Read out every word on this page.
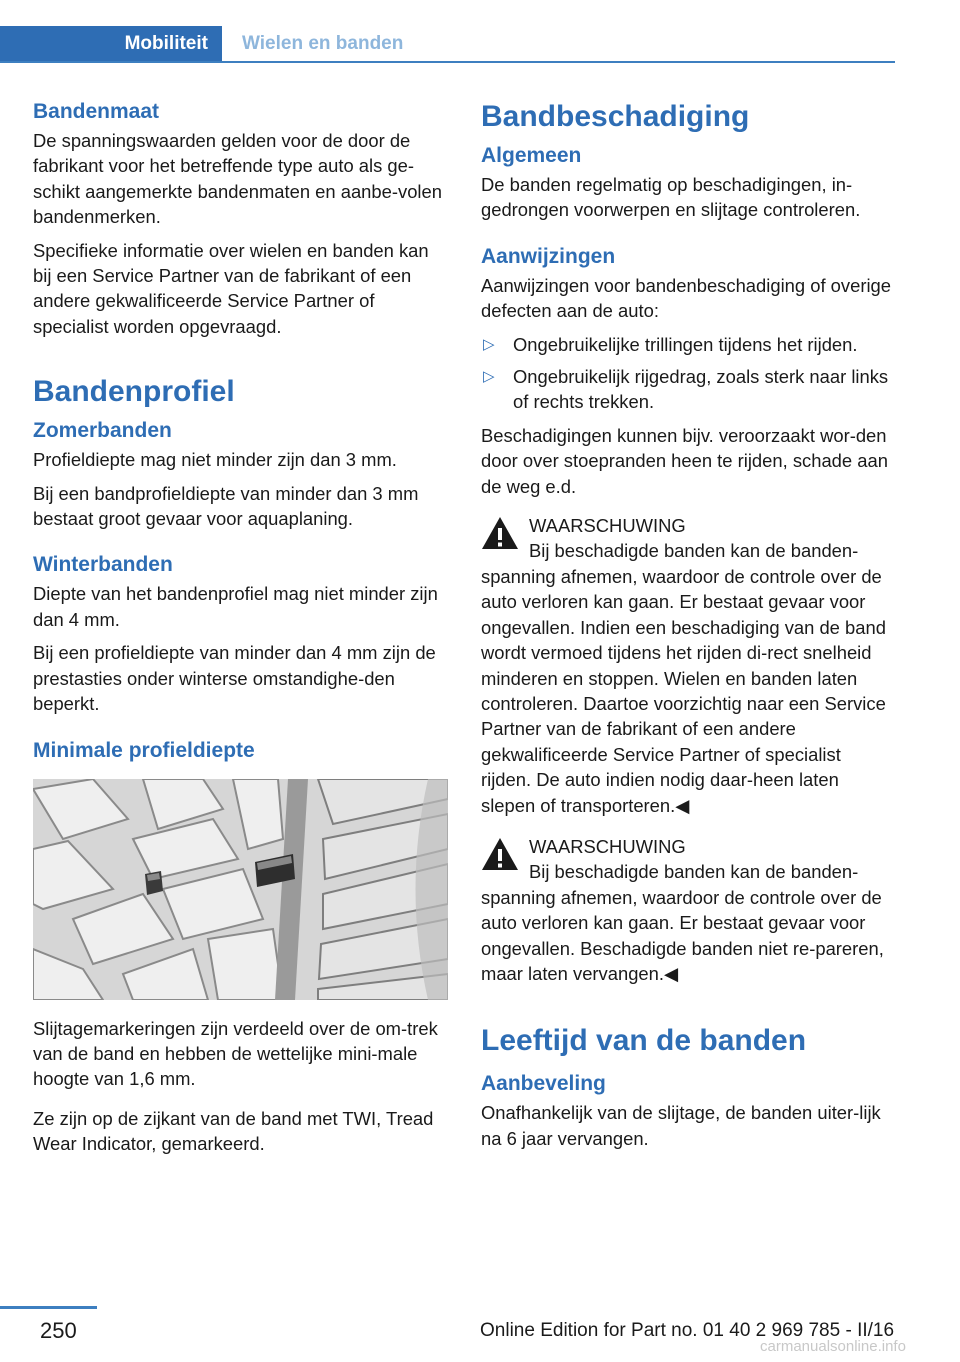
Mobiliteit	Wielen en banden
Bandenmaat

De spanningswaarden gelden voor de door de fabrikant voor het betreffende type auto als ge‐schikt aangemerkte bandenmaten en aanbe‐volen bandenmerken.

Specifieke informatie over wielen en banden kan bij een Service Partner van de fabrikant of een andere gekwalificeerde Service Partner of specialist worden opgevraagd.

Bandenprofiel
Zomerbanden

Profieldiepte mag niet minder zijn dan 3 mm.

Bij een bandprofieldiepte van minder dan 3 mm bestaat groot gevaar voor aquaplaning.

Winterbanden

Diepte van het bandenprofiel mag niet minder zijn dan 4 mm.

Bij een profieldiepte van minder dan 4 mm zijn de prestasties onder winterse omstandighe‐den beperkt.

Minimale profieldiepte

Slijtagemarkeringen zijn verdeeld over de om‐trek van de band en hebben de wettelijke mini‐male hoogte van 1,6 mm.

Ze zijn op de zijkant van de band met TWI, Tread Wear Indicator, gemarkeerd.

Bandbeschadiging
Algemeen

De banden regelmatig op beschadigingen, in‐gedrongen voorwerpen en slijtage controleren.

Aanwijzingen

Aanwijzingen voor bandenbeschadiging of overige defecten aan de auto:

▷ Ongebruikelijke trillingen tijdens het rijden.
▷ Ongebruikelijk rijgedrag, zoals sterk naar links of rechts trekken.

Beschadigingen kunnen bijv. veroorzaakt wor‐den door over stoepranden heen te rijden, schade aan de weg e.d.

WAARSCHUWING
Bij beschadigde banden kan de banden‐
spanning afnemen, waardoor de controle over de auto verloren kan gaan. Er bestaat gevaar voor ongevallen. Indien een beschadiging van de band wordt vermoed tijdens het rijden di‐rect snelheid minderen en stoppen. Wielen en banden laten controleren. Daartoe voorzichtig naar een Service Partner van de fabrikant of een andere gekwalificeerde Service Partner of specialist rijden. De auto indien nodig daar‐heen laten slepen of transporteren.◀
WAARSCHUWING
Bij beschadigde banden kan de banden‐
spanning afnemen, waardoor de controle over de auto verloren kan gaan. Er bestaat gevaar voor ongevallen. Beschadigde banden niet re‐pareren, maar laten vervangen.◀
Leeftijd van de banden
Aanbeveling

Onafhankelijk van de slijtage, de banden uiter‐lijk na 6 jaar vervangen.

250	Online Edition for Part no. 01 40 2 969 785 - II/16
carmanualsonline.info
